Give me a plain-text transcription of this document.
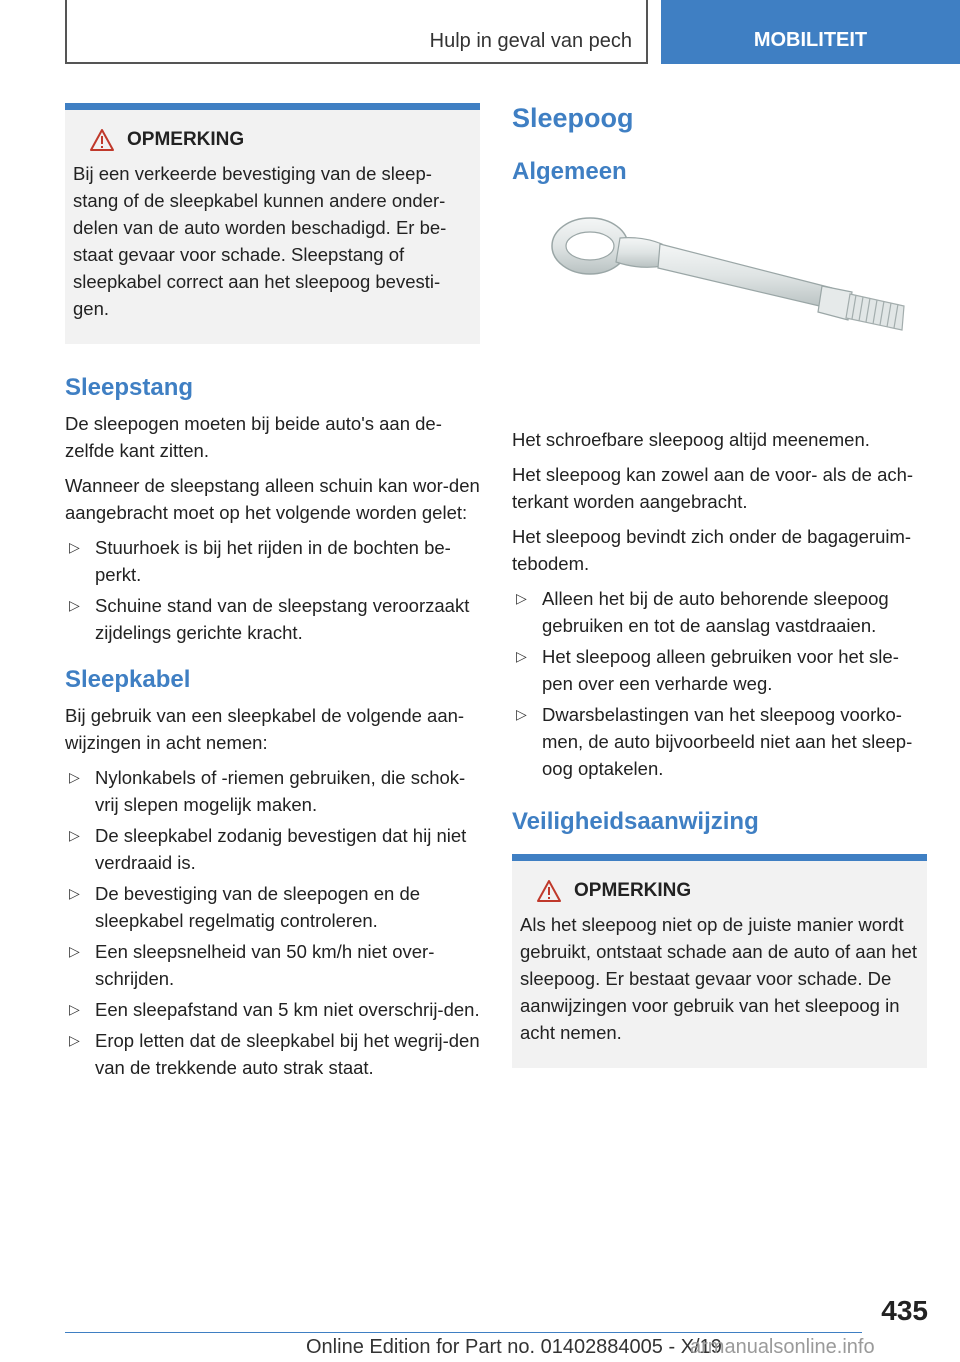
Hulp in geval van pech	MOBILITEIT
OPMERKING
Bij een verkeerde bevestiging van de sleep-stang of de sleepkabel kunnen andere onder-delen van de auto worden beschadigd. Er be-staat gevaar voor schade. Sleepstang of sleepkabel correct aan het sleepoog bevesti-gen.
Sleepstang

De sleepogen moeten bij beide auto's aan de-zelfde kant zitten.

Wanneer de sleepstang alleen schuin kan wor-den aangebracht moet op het volgende worden gelet:

▷ Stuurhoek is bij het rijden in de bochten be-perkt.
▷ Schuine stand van de sleepstang veroorzaakt zijdelings gerichte kracht.
Sleepkabel

Bij gebruik van een sleepkabel de volgende aan-wijzingen in acht nemen:

▷ Nylonkabels of -riemen gebruiken, die schok-vrij slepen mogelijk maken.
▷ De sleepkabel zodanig bevestigen dat hij niet verdraaid is.
▷ De bevestiging van de sleepogen en de sleepkabel regelmatig controleren.
▷ Een sleepsnelheid van 50 km/h niet over-schrijden.
▷ Een sleepafstand van 5 km niet overschrij-den.
▷ Erop letten dat de sleepkabel bij het wegrij-den van de trekkende auto strak staat.
Sleepoog
Algemeen

Het schroefbare sleepoog altijd meenemen.

Het sleepoog kan zowel aan de voor- als de ach-terkant worden aangebracht.

Het sleepoog bevindt zich onder de bagageruim-tebodem.

▷ Alleen het bij de auto behorende sleepoog gebruiken en tot de aanslag vastdraaien.
▷ Het sleepoog alleen gebruiken voor het sle-pen over een verharde weg.
▷ Dwarsbelastingen van het sleepoog voorko-men, de auto bijvoorbeeld niet aan het sleep-oog optakelen.
Veiligheidsaanwijzing
OPMERKING
Als het sleepoog niet op de juiste manier wordt gebruikt, ontstaat schade aan de auto of aan het sleepoog. Er bestaat gevaar voor schade. De aanwijzingen voor gebruik van het sleepoog in acht nemen.
435
Online Edition for Part no. 01402884005 - X/19
armanualsonline.info
